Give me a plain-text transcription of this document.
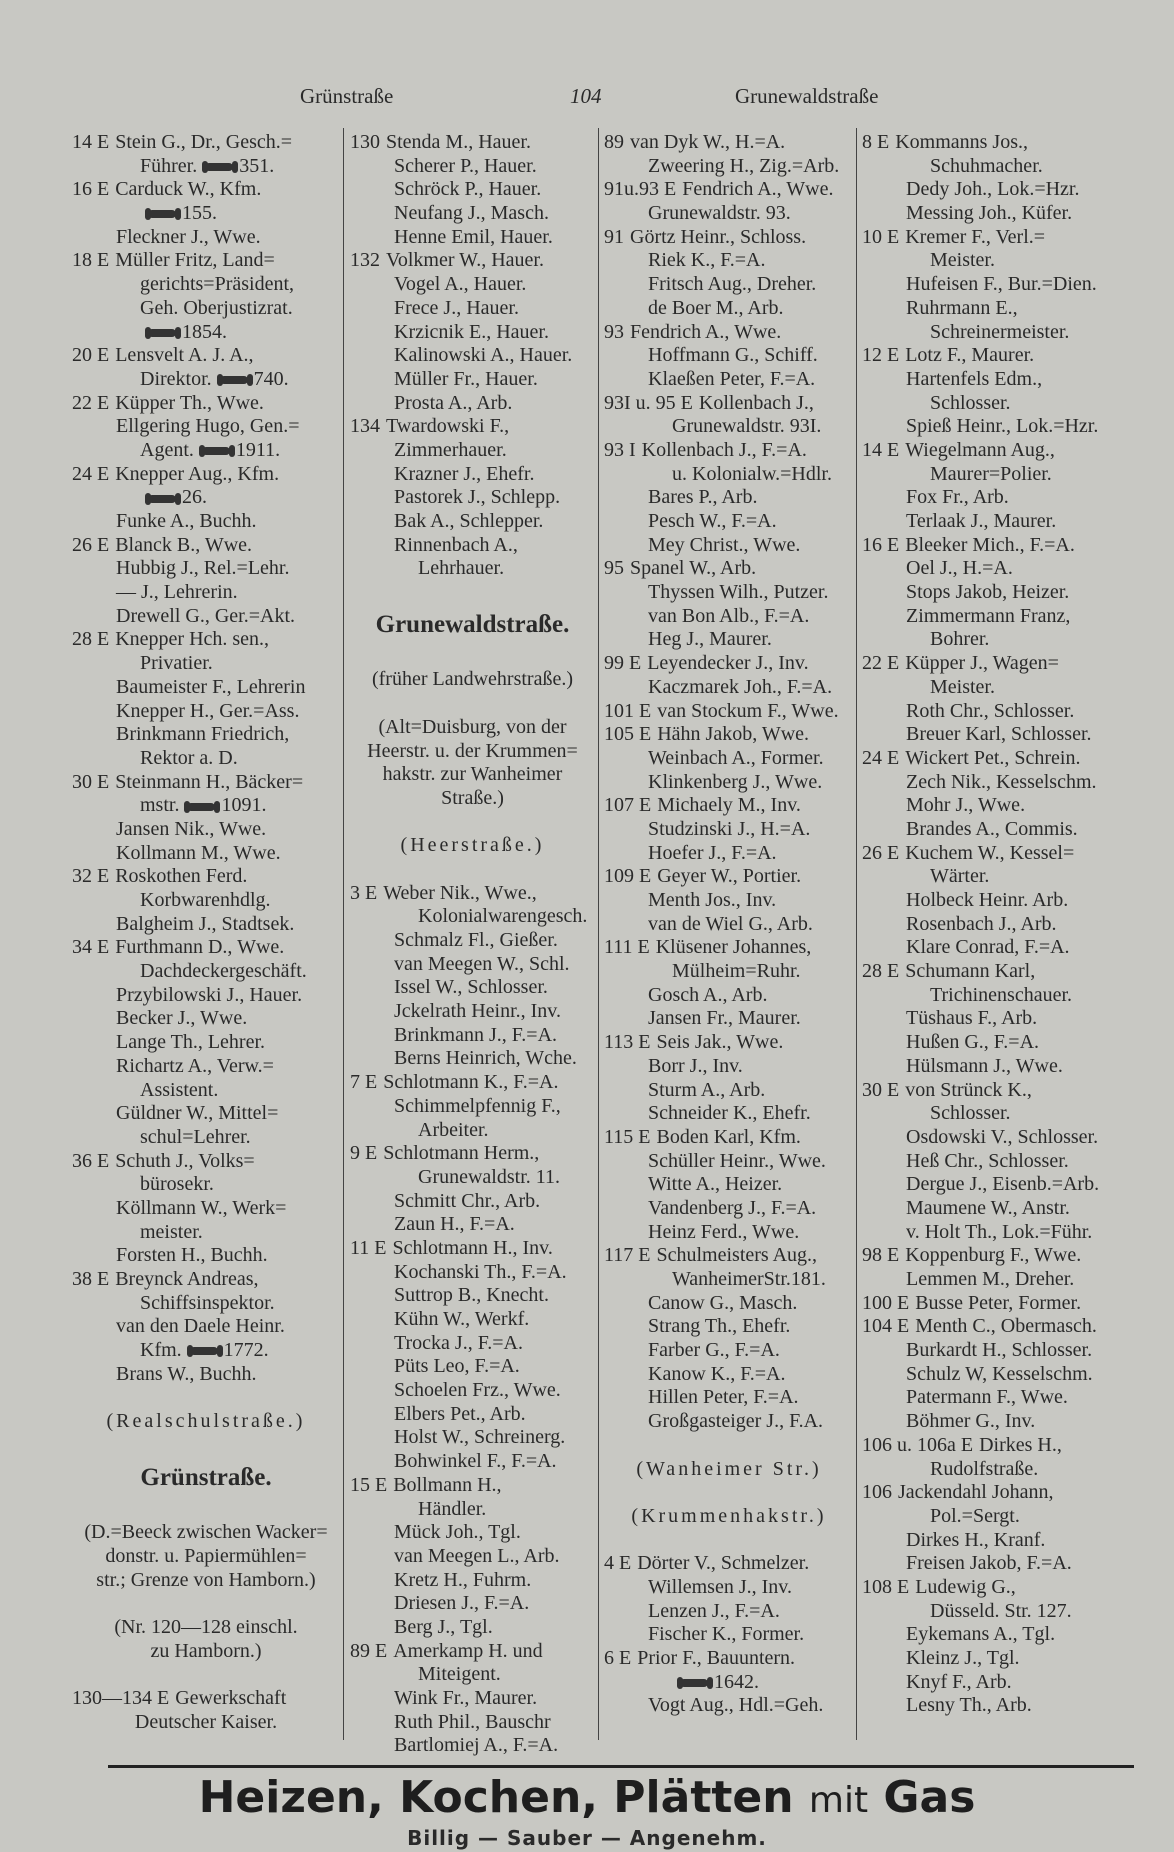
Grünstraße	104	Grunewaldstraße
14 E Stein G., Dr., Gesch.=
Führer. 351.
16 E Carduck W., Kfm.
155.
Fleckner J., Wwe.
18 E Müller Fritz, Land=
gerichts=Präsident,
Geh. Oberjustizrat.
1854.
20 E Lensvelt A. J. A.,
Direktor. 740.
22 E Küpper Th., Wwe.
Ellgering Hugo, Gen.=
Agent. 1911.
24 E Knepper Aug., Kfm.
26.
Funke A., Buchh.
26 E Blanck B., Wwe.
Hubbig J., Rel.=Lehr.
— J., Lehrerin.
Drewell G., Ger.=Akt.
28 E Knepper Hch. sen.,
Privatier.
Baumeister F., Lehrerin
Knepper H., Ger.=Ass.
Brinkmann Friedrich,
Rektor a. D.
30 E Steinmann H., Bäcker=
mstr. 1091.
Jansen Nik., Wwe.
Kollmann M., Wwe.
32 E Roskothen Ferd.
Korbwarenhdlg.
Balgheim J., Stadtsek.
34 E Furthmann D., Wwe.
Dachdeckergeschäft.
Przybilowski J., Hauer.
Becker J., Wwe.
Lange Th., Lehrer.
Richartz A., Verw.=
Assistent.
Güldner W., Mittel=
schul=Lehrer.
36 E Schuth J., Volks=
bürosekr.
Köllmann W., Werk=
meister.
Forsten H., Buchh.
38 E Breynck Andreas,
Schiffsinspektor.
van den Daele Heinr.
Kfm. 1772.
Brans W., Buchh.
(Realschulstraße.)
Grünstraße.
(D.=Beeck zwischen Wacker=
donstr. u. Papiermühlen=
str.; Grenze von Hamborn.)
(Nr. 120—128 einschl.
zu Hamborn.)
130—134 E Gewerkschaft
Deutscher Kaiser.
130 Stenda M., Hauer.
Scherer P., Hauer.
Schröck P., Hauer.
Neufang J., Masch.
Henne Emil, Hauer.
132 Volkmer W., Hauer.
Vogel A., Hauer.
Frece J., Hauer.
Krzicnik E., Hauer.
Kalinowski A., Hauer.
Müller Fr., Hauer.
Prosta A., Arb.
134 Twardowski F.,
Zimmerhauer.
Krazner J., Ehefr.
Pastorek J., Schlepp.
Bak A., Schlepper.
Rinnenbach A.,
Lehrhauer.
Grunewaldstraße.
(früher Landwehrstraße.)
(Alt=Duisburg, von der
Heerstr. u. der Krummen=
hakstr. zur Wanheimer
Straße.)
(Heerstraße.)
3 E Weber Nik., Wwe.,
Kolonialwarengesch.
Schmalz Fl., Gießer.
van Meegen W., Schl.
Issel W., Schlosser.
Jckelrath Heinr., Inv.
Brinkmann J., F.=A.
Berns Heinrich, Wche.
7 E Schlotmann K., F.=A.
Schimmelpfennig F.,
Arbeiter.
9 E Schlotmann Herm.,
Grunewaldstr. 11.
Schmitt Chr., Arb.
Zaun H., F.=A.
11 E Schlotmann H., Inv.
Kochanski Th., F.=A.
Suttrop B., Knecht.
Kühn W., Werkf.
Trocka J., F.=A.
Püts Leo, F.=A.
Schoelen Frz., Wwe.
Elbers Pet., Arb.
Holst W., Schreinerg.
Bohwinkel F., F.=A.
15 E Bollmann H.,
Händler.
Mück Joh., Tgl.
van Meegen L., Arb.
Kretz H., Fuhrm.
Driesen J., F.=A.
Berg J., Tgl.
89 E Amerkamp H. und
Miteigent.
Wink Fr., Maurer.
Ruth Phil., Bauschr
Bartlomiej A., F.=A.
89 van Dyk W., H.=A.
Zweering H., Zig.=Arb.
91u.93 E Fendrich A., Wwe.
Grunewaldstr. 93.
91 Görtz Heinr., Schloss.
Riek K., F.=A.
Fritsch Aug., Dreher.
de Boer M., Arb.
93 Fendrich A., Wwe.
Hoffmann G., Schiff.
Klaeßen Peter, F.=A.
93I u. 95 E Kollenbach J.,
Grunewaldstr. 93I.
93 I Kollenbach J., F.=A.
u. Kolonialw.=Hdlr.
Bares P., Arb.
Pesch W., F.=A.
Mey Christ., Wwe.
95 Spanel W., Arb.
Thyssen Wilh., Putzer.
van Bon Alb., F.=A.
Heg J., Maurer.
99 E Leyendecker J., Inv.
Kaczmarek Joh., F.=A.
101 E van Stockum F., Wwe.
105 E Hähn Jakob, Wwe.
Weinbach A., Former.
Klinkenberg J., Wwe.
107 E Michaely M., Inv.
Studzinski J., H.=A.
Hoefer J., F.=A.
109 E Geyer W., Portier.
Menth Jos., Inv.
van de Wiel G., Arb.
111 E Klüsener Johannes,
Mülheim=Ruhr.
Gosch A., Arb.
Jansen Fr., Maurer.
113 E Seis Jak., Wwe.
Borr J., Inv.
Sturm A., Arb.
Schneider K., Ehefr.
115 E Boden Karl, Kfm.
Schüller Heinr., Wwe.
Witte A., Heizer.
Vandenberg J., F.=A.
Heinz Ferd., Wwe.
117 E Schulmeisters Aug.,
WanheimerStr.181.
Canow G., Masch.
Strang Th., Ehefr.
Farber G., F.=A.
Kanow K., F.=A.
Hillen Peter, F.=A.
Großgasteiger J., F.A.
(Wanheimer Str.)
(Krummenhakstr.)
4 E Dörter V., Schmelzer.
Willemsen J., Inv.
Lenzen J., F.=A.
Fischer K., Former.
6 E Prior F., Bauuntern.
1642.
Vogt Aug., Hdl.=Geh.
8 E Kommanns Jos.,
Schuhmacher.
Dedy Joh., Lok.=Hzr.
Messing Joh., Küfer.
10 E Kremer F., Verl.=
Meister.
Hufeisen F., Bur.=Dien.
Ruhrmann E.,
Schreinermeister.
12 E Lotz F., Maurer.
Hartenfels Edm.,
Schlosser.
Spieß Heinr., Lok.=Hzr.
14 E Wiegelmann Aug.,
Maurer=Polier.
Fox Fr., Arb.
Terlaak J., Maurer.
16 E Bleeker Mich., F.=A.
Oel J., H.=A.
Stops Jakob, Heizer.
Zimmermann Franz,
Bohrer.
22 E Küpper J., Wagen=
Meister.
Roth Chr., Schlosser.
Breuer Karl, Schlosser.
24 E Wickert Pet., Schrein.
Zech Nik., Kesselschm.
Mohr J., Wwe.
Brandes A., Commis.
26 E Kuchem W., Kessel=
Wärter.
Holbeck Heinr. Arb.
Rosenbach J., Arb.
Klare Conrad, F.=A.
28 E Schumann Karl,
Trichinenschauer.
Tüshaus F., Arb.
Hußen G., F.=A.
Hülsmann J., Wwe.
30 E von Strünck K.,
Schlosser.
Osdowski V., Schlosser.
Heß Chr., Schlosser.
Dergue J., Eisenb.=Arb.
Maumene W., Anstr.
v. Holt Th., Lok.=Führ.
98 E Koppenburg F., Wwe.
Lemmen M., Dreher.
100 E Busse Peter, Former.
104 E Menth C., Obermasch.
Burkardt H., Schlosser.
Schulz W, Kesselschm.
Patermann F., Wwe.
Böhmer G., Inv.
106 u. 106a E Dirkes H.,
Rudolfstraße.
106 Jackendahl Johann,
Pol.=Sergt.
Dirkes H., Kranf.
Freisen Jakob, F.=A.
108 E Ludewig G.,
Düsseld. Str. 127.
Eykemans A., Tgl.
Kleinz J., Tgl.
Knyf F., Arb.
Lesny Th., Arb.
Heizen, Kochen, Plätten mit Gas
Billig — Sauber — Angenehm.
